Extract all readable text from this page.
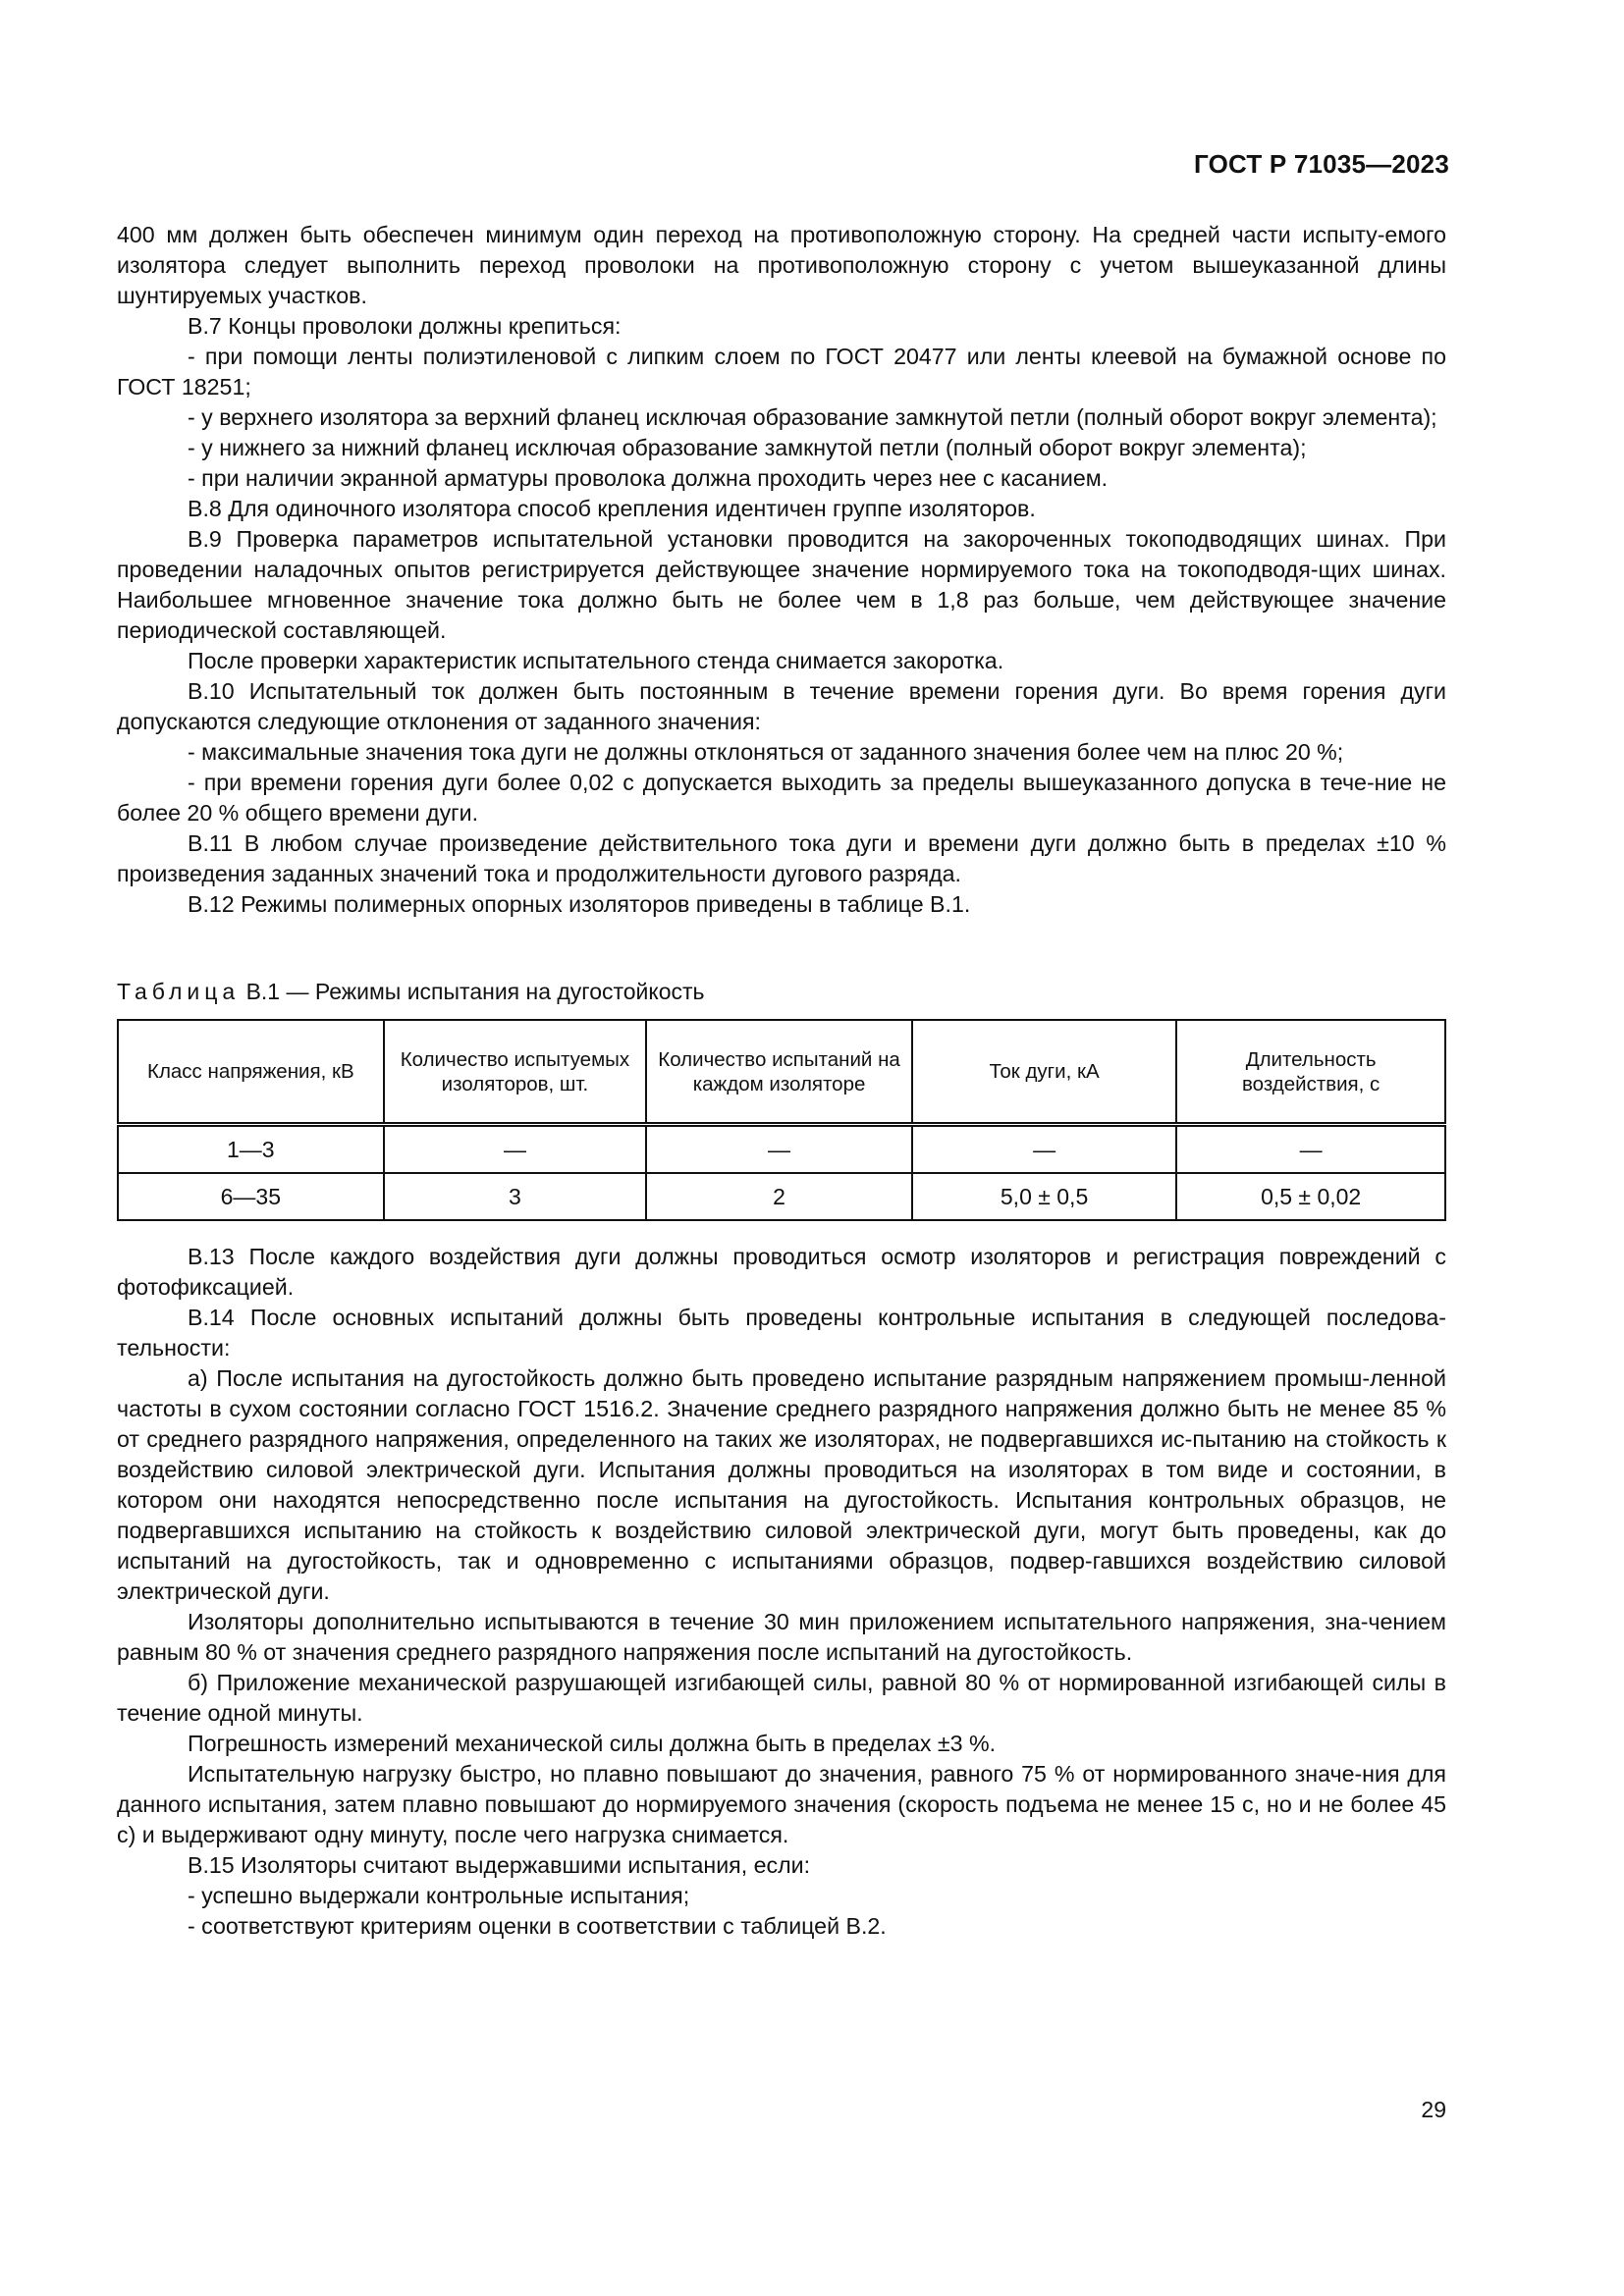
ГОСТ Р 71035—2023

400 мм должен быть обеспечен минимум один переход на противоположную сторону. На средней части испыту-емого изолятора следует выполнить переход проволоки на противоположную сторону с учетом вышеуказанной длины шунтируемых участков.

В.7 Концы проволоки должны крепиться:

- при помощи ленты полиэтиленовой с липким слоем по ГОСТ 20477 или ленты клеевой на бумажной основе по ГОСТ 18251;

- у верхнего изолятора за верхний фланец исключая образование замкнутой петли (полный оборот вокруг элемента);

- у нижнего за нижний фланец исключая образование замкнутой петли (полный оборот вокруг элемента);

- при наличии экранной арматуры проволока должна проходить через нее с касанием.

В.8 Для одиночного изолятора способ крепления идентичен группе изоляторов.

В.9 Проверка параметров испытательной установки проводится на закороченных токоподводящих шинах. При проведении наладочных опытов регистрируется действующее значение нормируемого тока на токоподводя-щих шинах. Наибольшее мгновенное значение тока должно быть не более чем в 1,8 раз больше, чем действующее значение периодической составляющей.

После проверки характеристик испытательного стенда снимается закоротка.

В.10 Испытательный ток должен быть постоянным в течение времени горения дуги. Во время горения дуги допускаются следующие отклонения от заданного значения:

- максимальные значения тока дуги не должны отклоняться от заданного значения более чем на плюс 20 %;

- при времени горения дуги более 0,02 с допускается выходить за пределы вышеуказанного допуска в тече-ние не более 20 % общего времени дуги.

В.11 В любом случае произведение действительного тока дуги и времени дуги должно быть в пределах ±10 % произведения заданных значений тока и продолжительности дугового разряда.

В.12 Режимы полимерных опорных изоляторов приведены в таблице В.1.

Таблица В.1 — Режимы испытания на дугостойкость
Класс напряжения, кВ	Количество испытуемых изоляторов, шт.	Количество испытаний на каждом изоляторе	Ток дуги, кА	Длительность воздействия, с
1—3	—	—	—	—
6—35	3	2	5,0 ± 0,5	0,5 ± 0,02

В.13 После каждого воздействия дуги должны проводиться осмотр изоляторов и регистрация повреждений с фотофиксацией.

В.14 После основных испытаний должны быть проведены контрольные испытания в следующей последова-тельности:

а) После испытания на дугостойкость должно быть проведено испытание разрядным напряжением промыш-ленной частоты в сухом состоянии согласно ГОСТ 1516.2. Значение среднего разрядного напряжения должно быть не менее 85 % от среднего разрядного напряжения, определенного на таких же изоляторах, не подвергавшихся ис-пытанию на стойкость к воздействию силовой электрической дуги. Испытания должны проводиться на изоляторах в том виде и состоянии, в котором они находятся непосредственно после испытания на дугостойкость. Испытания контрольных образцов, не подвергавшихся испытанию на стойкость к воздействию силовой электрической дуги, могут быть проведены, как до испытаний на дугостойкость, так и одновременно с испытаниями образцов, подвер-гавшихся воздействию силовой электрической дуги.

Изоляторы дополнительно испытываются в течение 30 мин приложением испытательного напряжения, зна-чением равным 80 % от значения среднего разрядного напряжения после испытаний на дугостойкость.

б) Приложение механической разрушающей изгибающей силы, равной 80 % от нормированной изгибающей силы в течение одной минуты.

Погрешность измерений механической силы должна быть в пределах ±3 %.

Испытательную нагрузку быстро, но плавно повышают до значения, равного 75 % от нормированного значе-ния для данного испытания, затем плавно повышают до нормируемого значения (скорость подъема не менее 15 с, но и не более 45 с) и выдерживают одну минуту, после чего нагрузка снимается.

В.15 Изоляторы считают выдержавшими испытания, если:

- успешно выдержали контрольные испытания;

- соответствуют критериям оценки в соответствии с таблицей В.2.

29
